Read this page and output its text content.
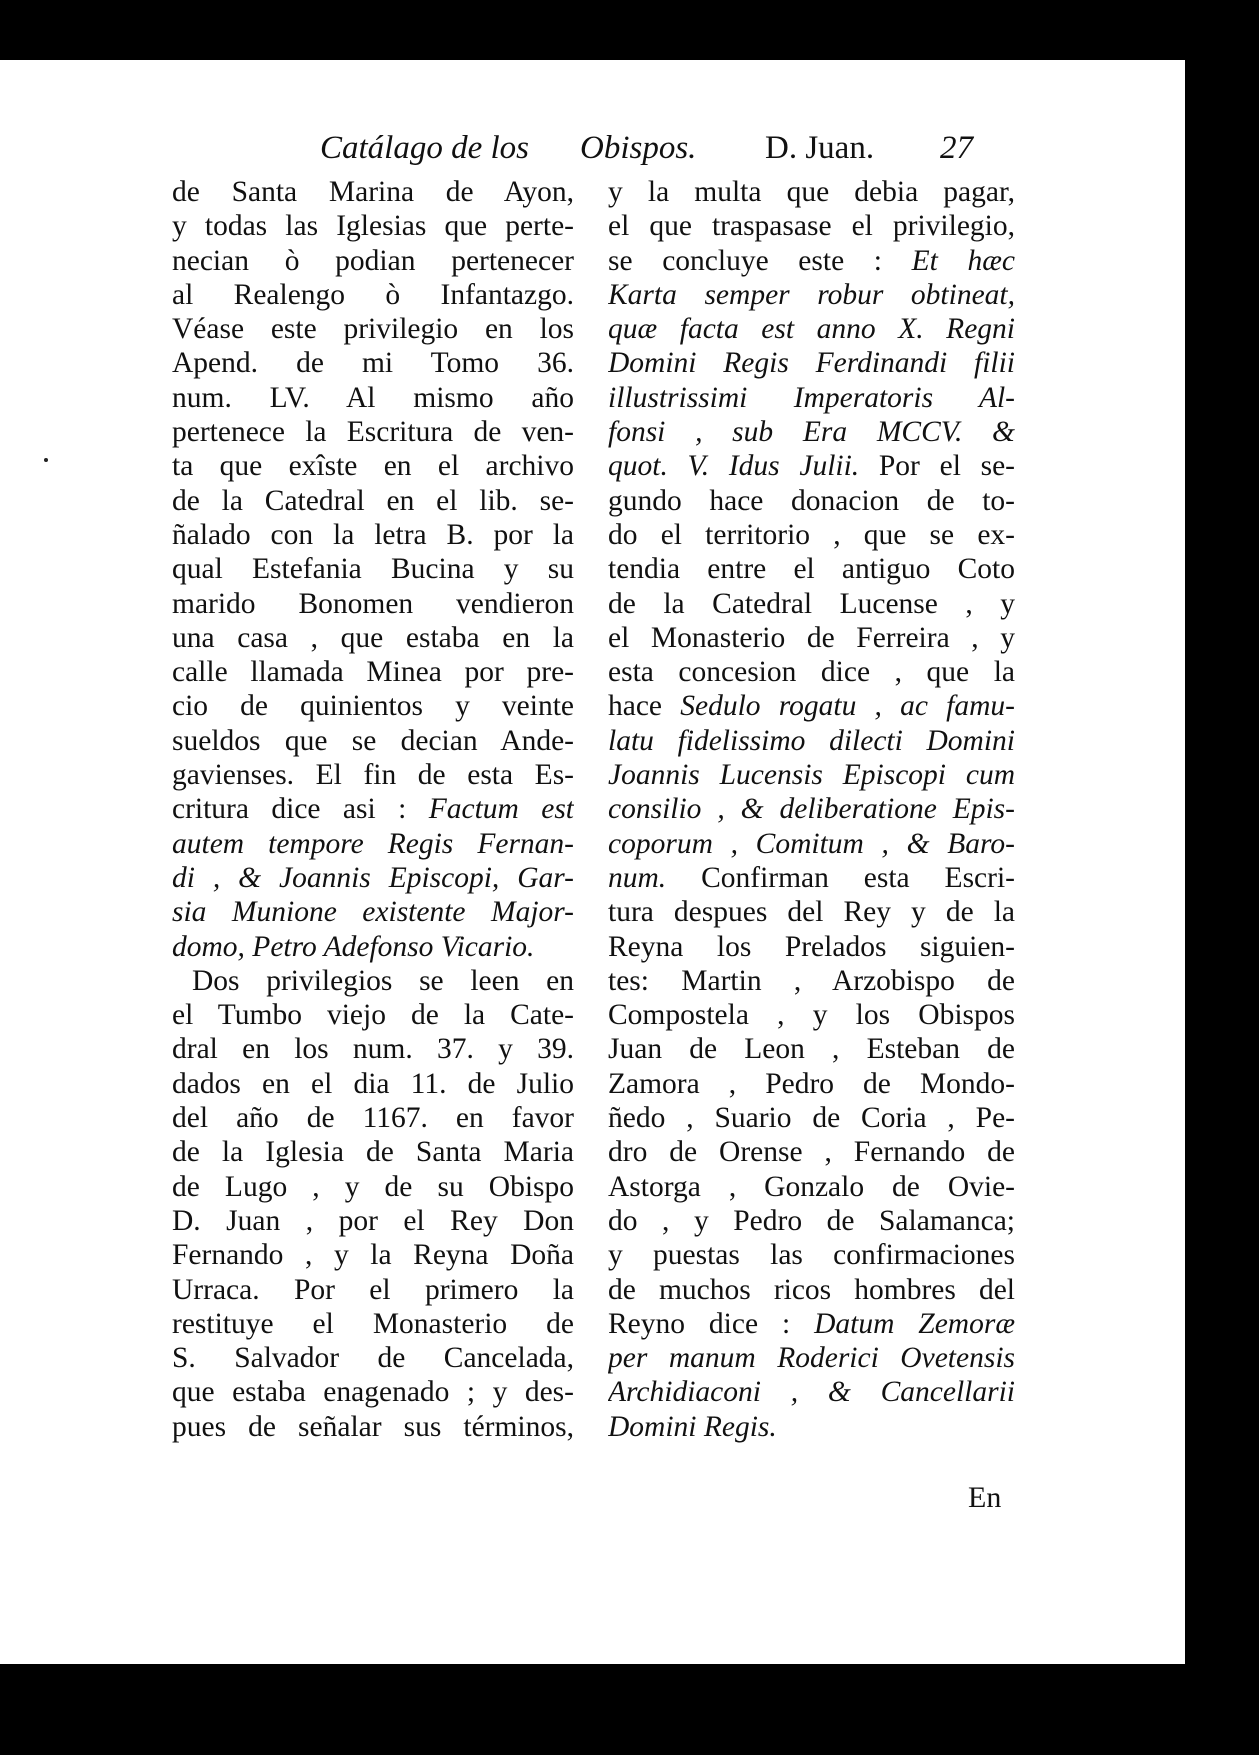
Catálago de los Obispos. D. Juan. 27
de Santa Marina de Ayon,
y todas las Iglesias que perte-
necian ò podian pertenecer
al Realengo ò Infantazgo.
Véase este privilegio en los
Apend. de mi Tomo 36.
num. LV. Al mismo año
pertenece la Escritura de ven-
ta que exîste en el archivo
de la Catedral en el lib. se-
ñalado con la letra B. por la
qual Estefania Bucina y su
marido Bonomen vendieron
una casa , que estaba en la
calle llamada Minea por pre-
cio de quinientos y veinte
sueldos que se decian Ande-
gavienses. El fin de esta Es-
critura dice asi : Factum est
autem tempore Regis Fernan-
di , & Joannis Episcopi, Gar-
sia Munione existente Major-
domo, Petro Adefonso Vicario.
Dos privilegios se leen en
el Tumbo viejo de la Cate-
dral en los num. 37. y 39.
dados en el dia 11. de Julio
del año de 1167. en favor
de la Iglesia de Santa Maria
de Lugo , y de su Obispo
D. Juan , por el Rey Don
Fernando , y la Reyna Doña
Urraca. Por el primero la
restituye el Monasterio de
S. Salvador de Cancelada,
que estaba enagenado ; y des-
pues de señalar sus términos,
y la multa que debia pagar,
el que traspasase el privilegio,
se concluye este : Et hæc
Karta semper robur obtineat,
quæ facta est anno X. Regni
Domini Regis Ferdinandi filii
illustrissimi Imperatoris Al-
fonsi , sub Era MCCV. &
quot. V. Idus Julii. Por el se-
gundo hace donacion de to-
do el territorio , que se ex-
tendia entre el antiguo Coto
de la Catedral Lucense , y
el Monasterio de Ferreira , y
esta concesion dice , que la
hace Sedulo rogatu , ac famu-
latu fidelissimo dilecti Domini
Joannis Lucensis Episcopi cum
consilio , & deliberatione Epis-
coporum , Comitum , & Baro-
num. Confirman esta Escri-
tura despues del Rey y de la
Reyna los Prelados siguien-
tes: Martin , Arzobispo de
Compostela , y los Obispos
Juan de Leon , Esteban de
Zamora , Pedro de Mondo-
ñedo , Suario de Coria , Pe-
dro de Orense , Fernando de
Astorga , Gonzalo de Ovie-
do , y Pedro de Salamanca;
y puestas las confirmaciones
de muchos ricos hombres del
Reyno dice : Datum Zemoræ
per manum Roderici Ovetensis
Archidiaconi , & Cancellarii
Domini Regis.
En
